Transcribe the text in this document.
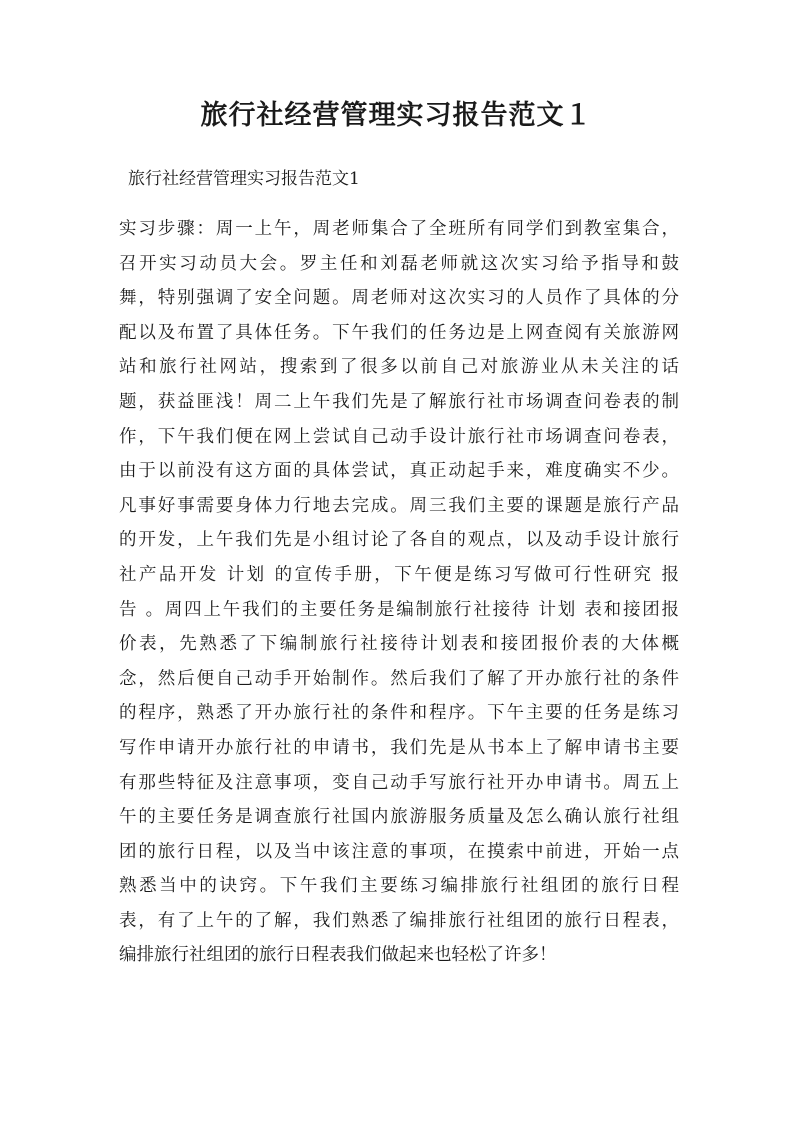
旅行社经营管理实习报告范文１

旅行社经营管理实习报告范文1

实习步骤：周一上午，周老师集合了全班所有同学们到教室集合，
召开实习动员大会。罗主任和刘磊老师就这次实习给予指导和鼓
舞，特别强调了安全问题。周老师对这次实习的人员作了具体的分
配以及布置了具体任务。下午我们的任务边是上网查阅有关旅游网
站和旅行社网站，搜索到了很多以前自己对旅游业从未关注的话
题，获益匪浅！周二上午我们先是了解旅行社市场调查问卷表的制
作，下午我们便在网上尝试自己动手设计旅行社市场调查问卷表，
由于以前没有这方面的具体尝试，真正动起手来，难度确实不少。
凡事好事需要身体力行地去完成。周三我们主要的课题是旅行产品
的开发，上午我们先是小组讨论了各自的观点，以及动手设计旅行
社产品开发 计划 的宣传手册，下午便是练习写做可行性研究 报
告 。周四上午我们的主要任务是编制旅行社接待 计划 表和接团报
价表，先熟悉了下编制旅行社接待计划表和接团报价表的大体概
念，然后便自己动手开始制作。然后我们了解了开办旅行社的条件
的程序，熟悉了开办旅行社的条件和程序。下午主要的任务是练习
写作申请开办旅行社的申请书，我们先是从书本上了解申请书主要
有那些特征及注意事项，变自己动手写旅行社开办申请书。周五上
午的主要任务是调查旅行社国内旅游服务质量及怎么确认旅行社组
团的旅行日程，以及当中该注意的事项，在摸索中前进，开始一点
熟悉当中的诀窍。下午我们主要练习编排旅行社组团的旅行日程
表，有了上午的了解，我们熟悉了编排旅行社组团的旅行日程表，
编排旅行社组团的旅行日程表我们做起来也轻松了许多！
